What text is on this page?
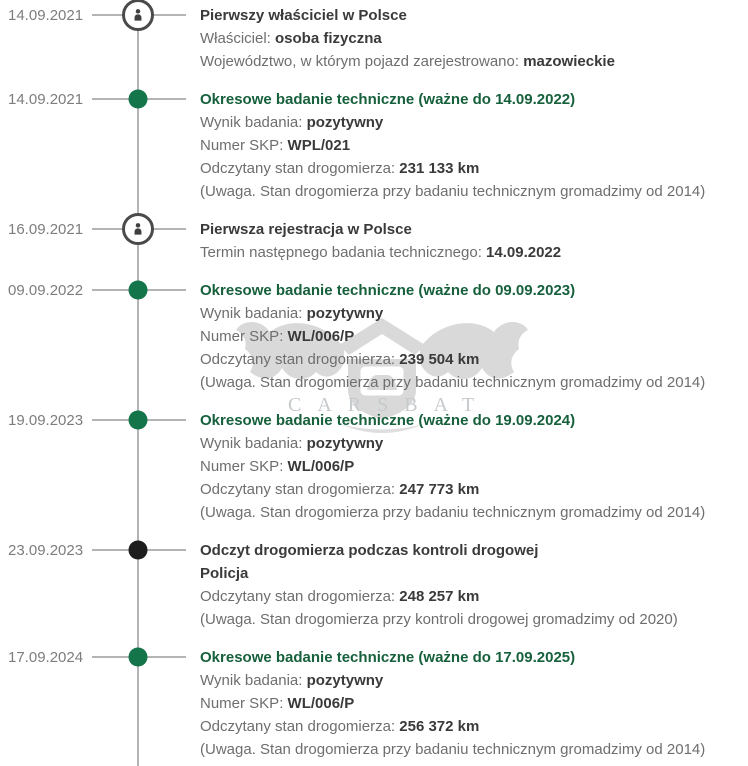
CARSBAT
14.09.2021	Pierwszy właściciel w Polsce
Właściciel: osoba fizyczna
Województwo, w którym pojazd zarejestrowano: mazowieckie
14.09.2021	Okresowe badanie techniczne (ważne do 14.09.2022)
Wynik badania: pozytywny
Numer SKP: WPL/021
Odczytany stan drogomierza: 231 133 km
(Uwaga. Stan drogomierza przy badaniu technicznym gromadzimy od 2014)
16.09.2021	Pierwsza rejestracja w Polsce
Termin następnego badania technicznego: 14.09.2022
09.09.2022	Okresowe badanie techniczne (ważne do 09.09.2023)
Wynik badania: pozytywny
Numer SKP: WL/006/P
Odczytany stan drogomierza: 239 504 km
(Uwaga. Stan drogomierza przy badaniu technicznym gromadzimy od 2014)
19.09.2023	Okresowe badanie techniczne (ważne do 19.09.2024)
Wynik badania: pozytywny
Numer SKP: WL/006/P
Odczytany stan drogomierza: 247 773 km
(Uwaga. Stan drogomierza przy badaniu technicznym gromadzimy od 2014)
23.09.2023	Odczyt drogomierza podczas kontroli drogowej
Policja
Odczytany stan drogomierza: 248 257 km
(Uwaga. Stan drogomierza przy kontroli drogowej gromadzimy od 2020)
17.09.2024	Okresowe badanie techniczne (ważne do 17.09.2025)
Wynik badania: pozytywny
Numer SKP: WL/006/P
Odczytany stan drogomierza: 256 372 km
(Uwaga. Stan drogomierza przy badaniu technicznym gromadzimy od 2014)
